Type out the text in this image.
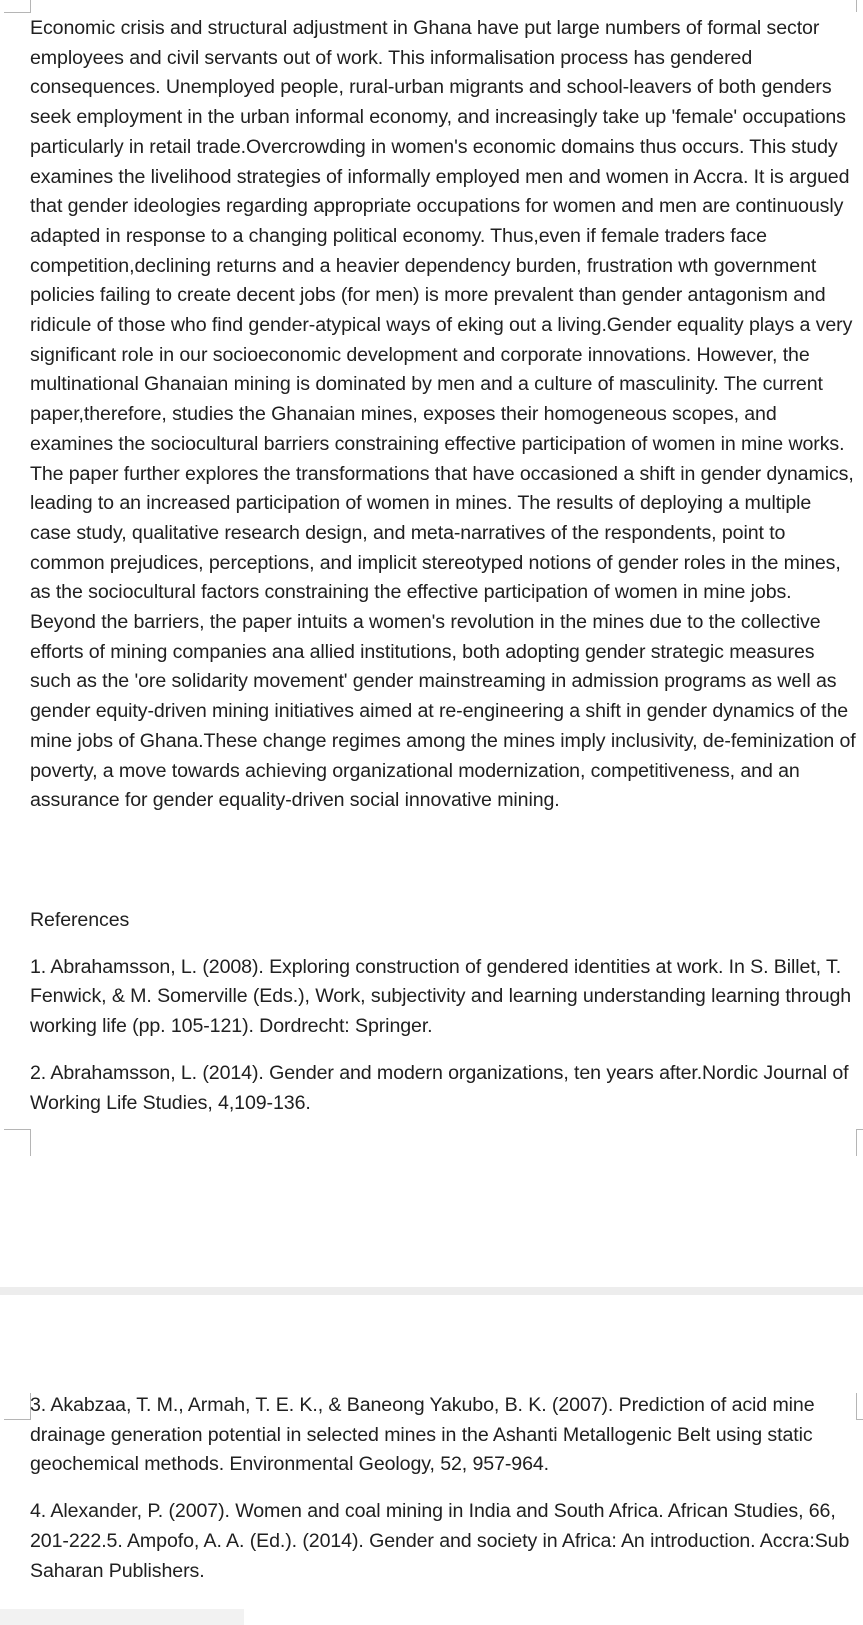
Economic crisis and structural adjustment in Ghana have put large numbers of formal sector employees and civil servants out of work. This informalisation process has gendered consequences. Unemployed people, rural-urban migrants and school-leavers of both genders seek employment in the urban informal economy, and increasingly take up 'female' occupations particularly in retail trade.Overcrowding in women's economic domains thus occurs. This study examines the livelihood strategies of informally employed men and women in Accra. It is argued that gender ideologies regarding appropriate occupations for women and men are continuously adapted in response to a changing political economy. Thus,even if female traders face competition,declining returns and a heavier dependency burden, frustration wth government policies failing to create decent jobs (for men) is more prevalent than gender antagonism and ridicule of those who find gender-atypical ways of eking out a living.Gender equality plays a very significant role in our socioeconomic development and corporate innovations. However, the multinational Ghanaian mining is dominated by men and a culture of masculinity. The current paper,therefore, studies the Ghanaian mines, exposes their homogeneous scopes, and examines the sociocultural barriers constraining effective participation of women in mine works. The paper further explores the transformations that have occasioned a shift in gender dynamics, leading to an increased participation of women in mines. The results of deploying a multiple case study, qualitative research design, and meta-narratives of the respondents, point to common prejudices, perceptions, and implicit stereotyped notions of gender roles in the mines, as the sociocultural factors constraining the effective participation of women in mine jobs. Beyond the barriers, the paper intuits a women's revolution in the mines due to the collective efforts of mining companies ana allied institutions, both adopting gender strategic measures such as the 'ore solidarity movement' gender mainstreaming in admission programs as well as gender equity-driven mining initiatives aimed at re-engineering a shift in gender dynamics of the mine jobs of Ghana.These change regimes among the mines imply inclusivity, de-feminization of poverty, a move towards achieving organizational modernization, competitiveness, and an assurance for gender equality-driven social innovative mining.

References

1. Abrahamsson, L. (2008). Exploring construction of gendered identities at work. In S. Billet, T. Fenwick, & M. Somerville (Eds.), Work, subjectivity and learning understanding learning through working life (pp. 105-121). Dordrecht: Springer.

2. Abrahamsson, L. (2014). Gender and modern organizations, ten years after.Nordic Journal of Working Life Studies, 4,109-136.

3. Akabzaa, T. M., Armah, T. E. K., & Baneong Yakubo, B. K. (2007). Prediction of acid mine drainage generation potential in selected mines in the Ashanti Metallogenic Belt using static geochemical methods. Environmental Geology, 52, 957-964.

4. Alexander, P. (2007). Women and coal mining in India and South Africa. African Studies, 66, 201-222.5. Ampofo, A. A. (Ed.). (2014). Gender and society in Africa: An introduction. Accra:Sub Saharan Publishers.
